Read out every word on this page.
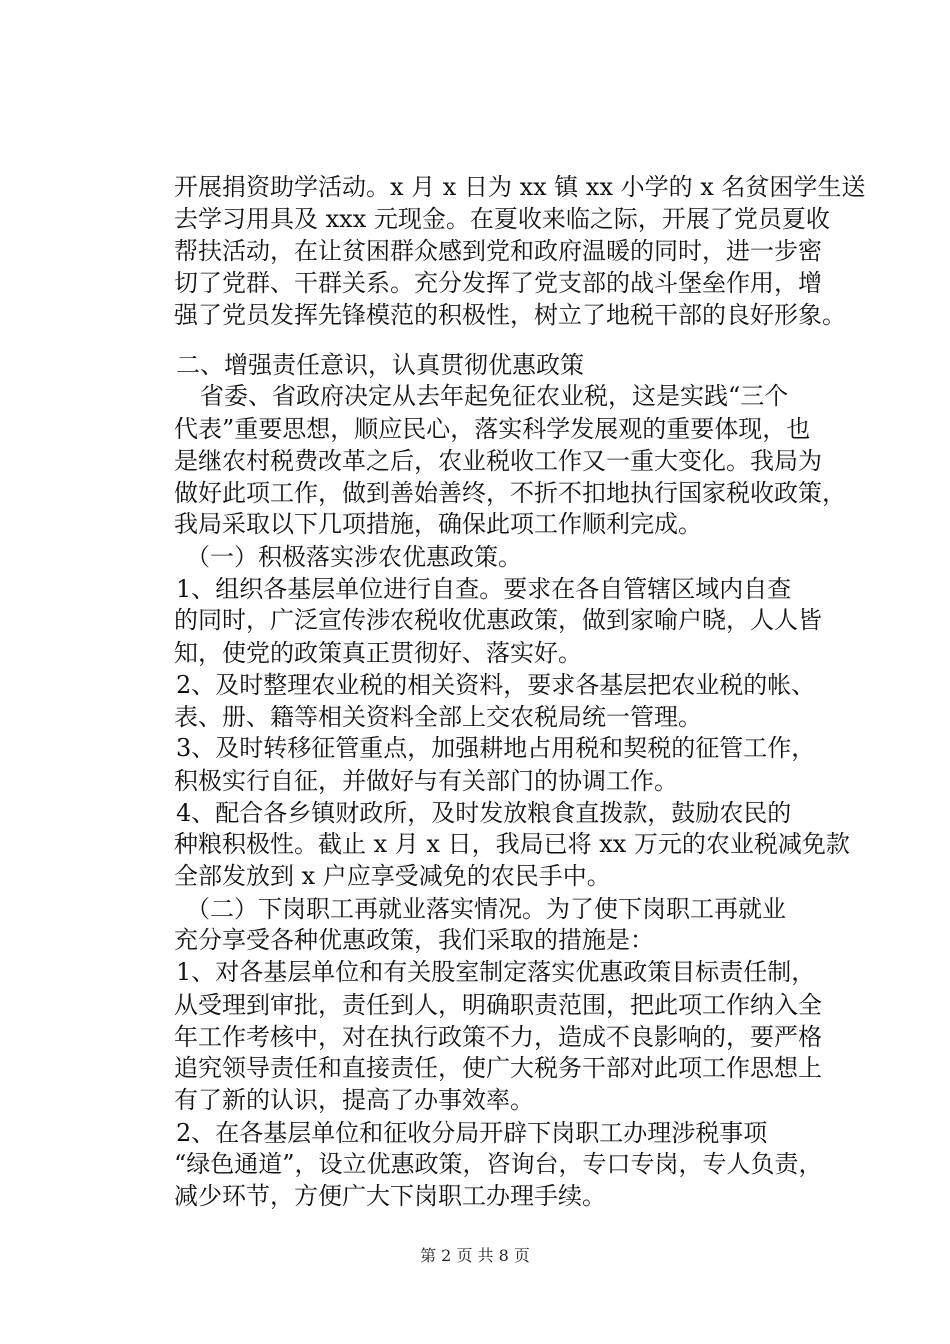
开展捐资助学活动。x 月 x 日为 xx 镇 xx 小学的 x 名贫困学生送
去学习用具及 xxx 元现金。在夏收来临之际，开展了党员夏收
帮扶活动，在让贫困群众感到党和政府温暖的同时，进一步密
切了党群、干群关系。充分发挥了党支部的战斗堡垒作用，增
强了党员发挥先锋模范的积极性，树立了地税干部的良好形象。
二、增强责任意识，认真贯彻优惠政策
省委、省政府决定从去年起免征农业税，这是实践“三个
代表”重要思想，顺应民心，落实科学发展观的重要体现，也
是继农村税费改革之后，农业税收工作又一重大变化。我局为
做好此项工作，做到善始善终，不折不扣地执行国家税收政策，
我局采取以下几项措施，确保此项工作顺利完成。
（一）积极落实涉农优惠政策。
1、组织各基层单位进行自查。要求在各自管辖区域内自查
的同时，广泛宣传涉农税收优惠政策，做到家喻户晓，人人皆
知，使党的政策真正贯彻好、落实好。
2、及时整理农业税的相关资料，要求各基层把农业税的帐、
表、册、籍等相关资料全部上交农税局统一管理。
3、及时转移征管重点，加强耕地占用税和契税的征管工作，
积极实行自征，并做好与有关部门的协调工作。
4、配合各乡镇财政所，及时发放粮食直拨款，鼓励农民的
种粮积极性。截止 x 月 x 日，我局已将 xx 万元的农业税减免款
全部发放到 x 户应享受减免的农民手中。
（二）下岗职工再就业落实情况。为了使下岗职工再就业
充分享受各种优惠政策，我们采取的措施是：
1、对各基层单位和有关股室制定落实优惠政策目标责任制，
从受理到审批，责任到人，明确职责范围，把此项工作纳入全
年工作考核中，对在执行政策不力，造成不良影响的，要严格
追究领导责任和直接责任，使广大税务干部对此项工作思想上
有了新的认识，提高了办事效率。
2、在各基层单位和征收分局开辟下岗职工办理涉税事项
“绿色通道”，设立优惠政策，咨询台，专口专岗，专人负责，
减少环节，方便广大下岗职工办理手续。
第 2 页 共 8 页
